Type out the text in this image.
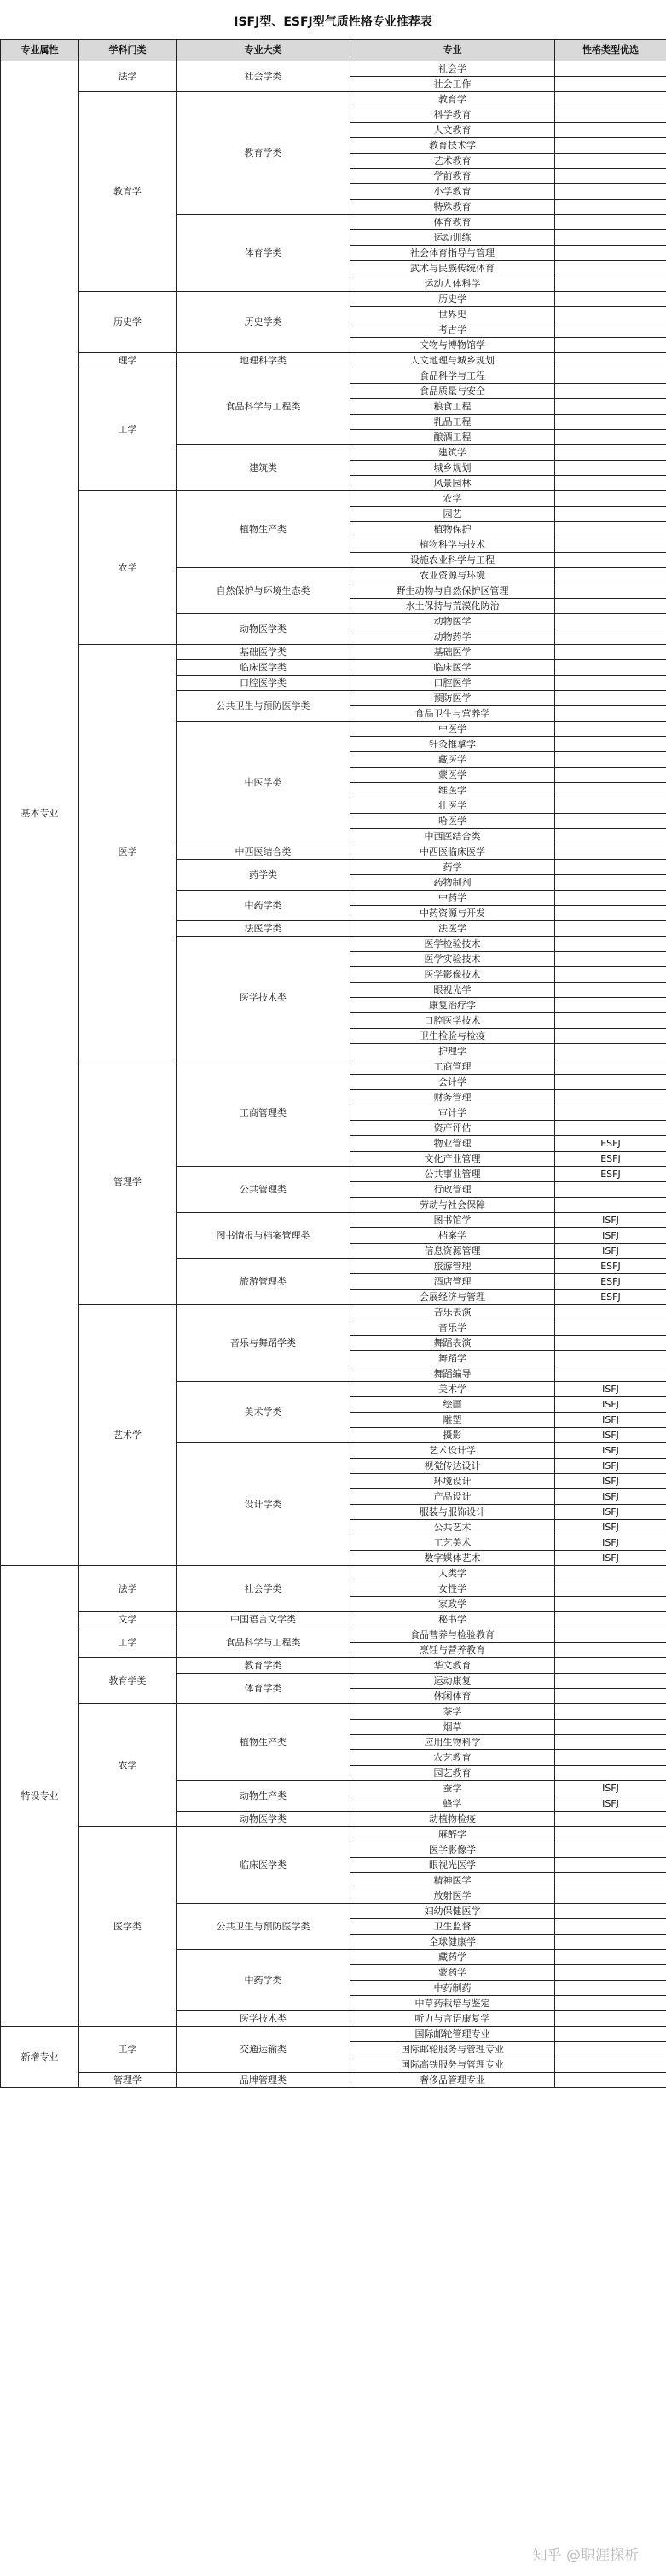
ISFJ型、ESFJ型气质性格专业推荐表
专业属性	学科门类	专业大类	专业	性格类型优选
基本专业	法学	社会学类	社会学	
			社会工作	
	教育学	教育学类	教育学	
			科学教育	
			人文教育	
			教育技术学	
			艺术教育	
			学前教育	
			小学教育	
			特殊教育	
		体育学类	体育教育	
			运动训练	
			社会体育指导与管理	
			武术与民族传统体育	
			运动人体科学	
	历史学	历史学类	历史学	
			世界史	
			考古学	
			文物与博物馆学	
	理学	地理科学类	人文地理与城乡规划	
	工学	食品科学与工程类	食品科学与工程	
			食品质量与安全	
			粮食工程	
			乳品工程	
			酿酒工程	
		建筑类	建筑学	
			城乡规划	
			风景园林	
	农学	植物生产类	农学	
			园艺	
			植物保护	
			植物科学与技术	
			设施农业科学与工程	
		自然保护与环境生态类	农业资源与环境	
			野生动物与自然保护区管理	
			水土保持与荒漠化防治	
		动物医学类	动物医学	
			动物药学	
	医学	基础医学类	基础医学	
		临床医学类	临床医学	
		口腔医学类	口腔医学	
		公共卫生与预防医学类	预防医学	
			食品卫生与营养学	
		中医学类	中医学	
			针灸推拿学	
			藏医学	
			蒙医学	
			维医学	
			壮医学	
			哈医学	
			中西医结合类	
		中西医结合类	中西医临床医学	
		药学类	药学	
			药物制剂	
		中药学类	中药学	
			中药资源与开发	
		法医学类	法医学	
		医学技术类	医学检验技术	
			医学实验技术	
			医学影像技术	
			眼视光学	
			康复治疗学	
			口腔医学技术	
			卫生检验与检疫	
			护理学	
	管理学	工商管理类	工商管理	
			会计学	
			财务管理	
			审计学	
			资产评估	
			物业管理	ESFJ
			文化产业管理	ESFJ
		公共管理类	公共事业管理	ESFJ
			行政管理	
			劳动与社会保障	
		图书情报与档案管理类	图书馆学	ISFJ
			档案学	ISFJ
			信息资源管理	ISFJ
		旅游管理类	旅游管理	ESFJ
			酒店管理	ESFJ
			会展经济与管理	ESFJ
	艺术学	音乐与舞蹈学类	音乐表演	
			音乐学	
			舞蹈表演	
			舞蹈学	
			舞蹈编导	
		美术学类	美术学	ISFJ
			绘画	ISFJ
			雕塑	ISFJ
			摄影	ISFJ
		设计学类	艺术设计学	ISFJ
			视觉传达设计	ISFJ
			环境设计	ISFJ
			产品设计	ISFJ
			服装与服饰设计	ISFJ
			公共艺术	ISFJ
			工艺美术	ISFJ
			数字媒体艺术	ISFJ
特设专业	法学	社会学类	人类学	
			女性学	
			家政学	
	文学	中国语言文学类	秘书学	
	工学	食品科学与工程类	食品营养与检验教育	
			烹饪与营养教育	
	教育学类	教育学类	华文教育	
		体育学类	运动康复	
			休闲体育	
	农学	植物生产类	茶学	
			烟草	
			应用生物科学	
			农艺教育	
			园艺教育	
		动物生产类	蚕学	ISFJ
			蜂学	ISFJ
		动物医学类	动植物检疫	
	医学类	临床医学类	麻醉学	
			医学影像学	
			眼视光医学	
			精神医学	
			放射医学	
		公共卫生与预防医学类	妇幼保健医学	
			卫生监督	
			全球健康学	
		中药学类	藏药学	
			蒙药学	
			中药制药	
			中草药栽培与鉴定	
		医学技术类	听力与言语康复学	
新增专业	工学	交通运输类	国际邮轮管理专业	
			国际邮轮服务与管理专业	
			国际高铁服务与管理专业	
	管理学	品牌管理类	奢侈品管理专业	
知乎 @职涯探析
